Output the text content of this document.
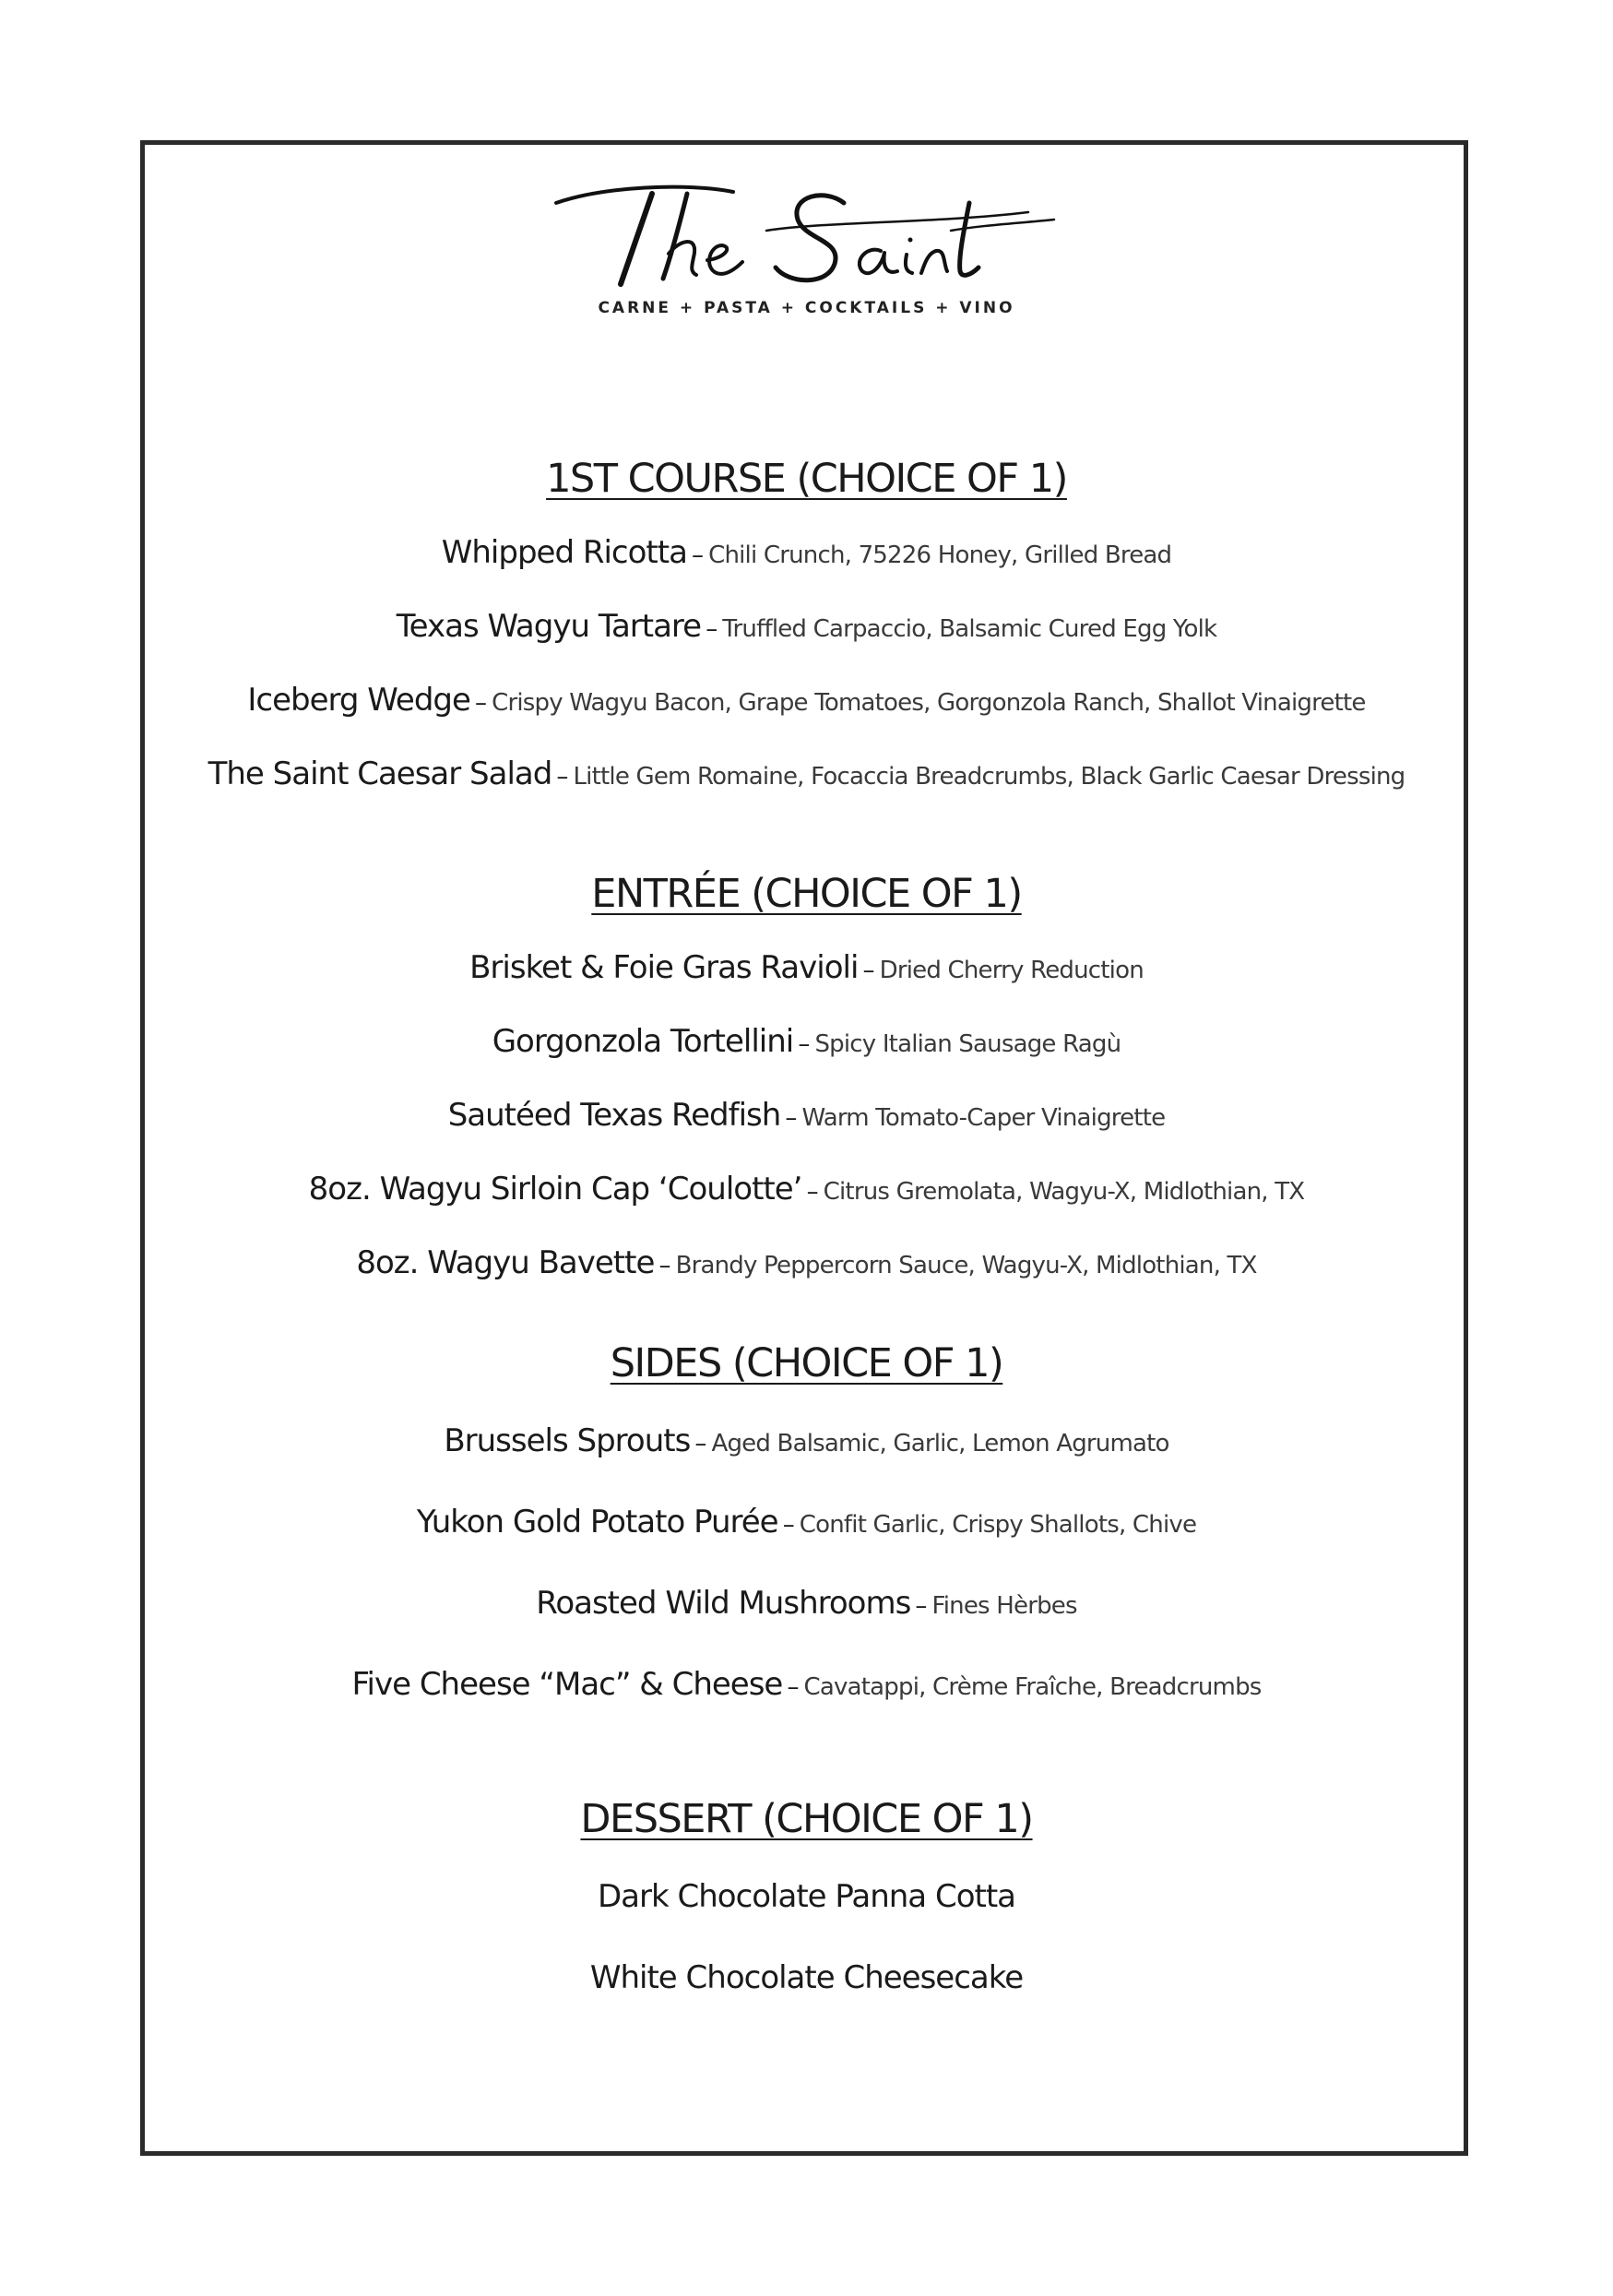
CARNE + PASTA + COCKTAILS + VINO

1ST COURSE (CHOICE OF 1)

Whipped Ricotta – Chili Crunch, 75226 Honey, Grilled Bread

Texas Wagyu Tartare – Truffled Carpaccio, Balsamic Cured Egg Yolk

Iceberg Wedge – Crispy Wagyu Bacon, Grape Tomatoes, Gorgonzola Ranch, Shallot Vinaigrette

The Saint Caesar Salad – Little Gem Romaine, Focaccia Breadcrumbs, Black Garlic Caesar Dressing

ENTRÉE (CHOICE OF 1)

Brisket & Foie Gras Ravioli – Dried Cherry Reduction

Gorgonzola Tortellini – Spicy Italian Sausage Ragù

Sautéed Texas Redfish – Warm Tomato-Caper Vinaigrette

8oz. Wagyu Sirloin Cap ‘Coulotte’ – Citrus Gremolata, Wagyu-X, Midlothian, TX

8oz. Wagyu Bavette – Brandy Peppercorn Sauce, Wagyu-X, Midlothian, TX

SIDES (CHOICE OF 1)

Brussels Sprouts – Aged Balsamic, Garlic, Lemon Agrumato

Yukon Gold Potato Purée – Confit Garlic, Crispy Shallots, Chive

Roasted Wild Mushrooms – Fines Hèrbes

Five Cheese “Mac” & Cheese – Cavatappi, Crème Fraîche, Breadcrumbs

DESSERT (CHOICE OF 1)

Dark Chocolate Panna Cotta

White Chocolate Cheesecake
